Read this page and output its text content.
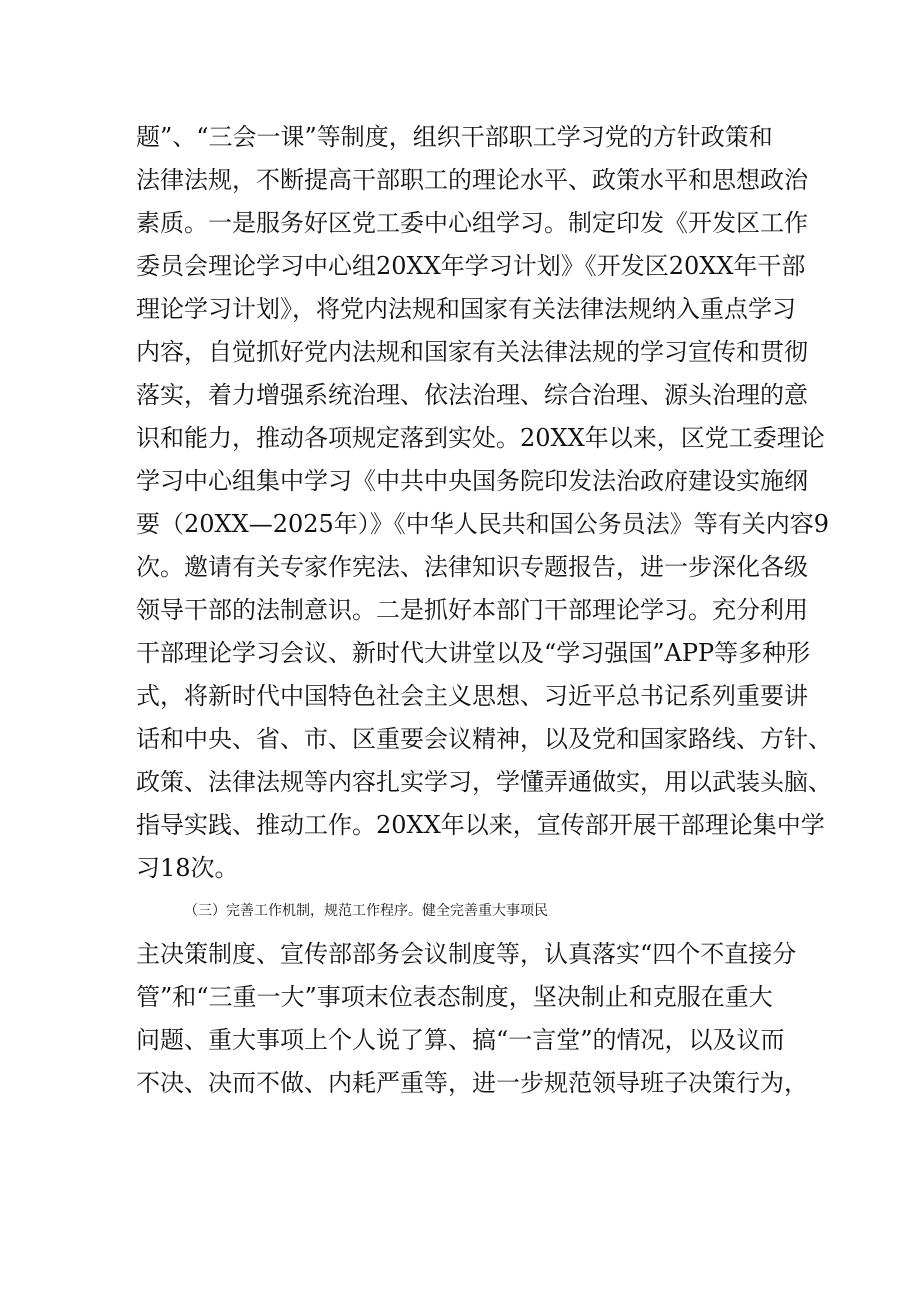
题”、“三会一课”等制度，组织干部职工学习党的方针政策和
法律法规，不断提高干部职工的理论水平、政策水平和思想政治
素质。一是服务好区党工委中心组学习。制定印发《开发区工作
委员会理论学习中心组20XX年学习计划》《开发区20XX年干部
理论学习计划》，将党内法规和国家有关法律法规纳入重点学习
内容，自觉抓好党内法规和国家有关法律法规的学习宣传和贯彻
落实，着力增强系统治理、依法治理、综合治理、源头治理的意
识和能力，推动各项规定落到实处。20XX年以来，区党工委理论
学习中心组集中学习《中共中央国务院印发法治政府建设实施纲
要（20XX—2025年）》《中华人民共和国公务员法》等有关内容9
次。邀请有关专家作宪法、法律知识专题报告，进一步深化各级
领导干部的法制意识。二是抓好本部门干部理论学习。充分利用
干部理论学习会议、新时代大讲堂以及“学习强国”APP等多种形
式，将新时代中国特色社会主义思想、习近平总书记系列重要讲
话和中央、省、市、区重要会议精神，以及党和国家路线、方针、
政策、法律法规等内容扎实学习，学懂弄通做实，用以武装头脑、
指导实践、推动工作。20XX年以来，宣传部开展干部理论集中学
习18次。
（三）完善工作机制，规范工作程序。健全完善重大事项民
主决策制度、宣传部部务会议制度等，认真落实“四个不直接分
管”和“三重一大”事项末位表态制度，坚决制止和克服在重大
问题、重大事项上个人说了算、搞“一言堂”的情况，以及议而
不决、决而不做、内耗严重等，进一步规范领导班子决策行为，
